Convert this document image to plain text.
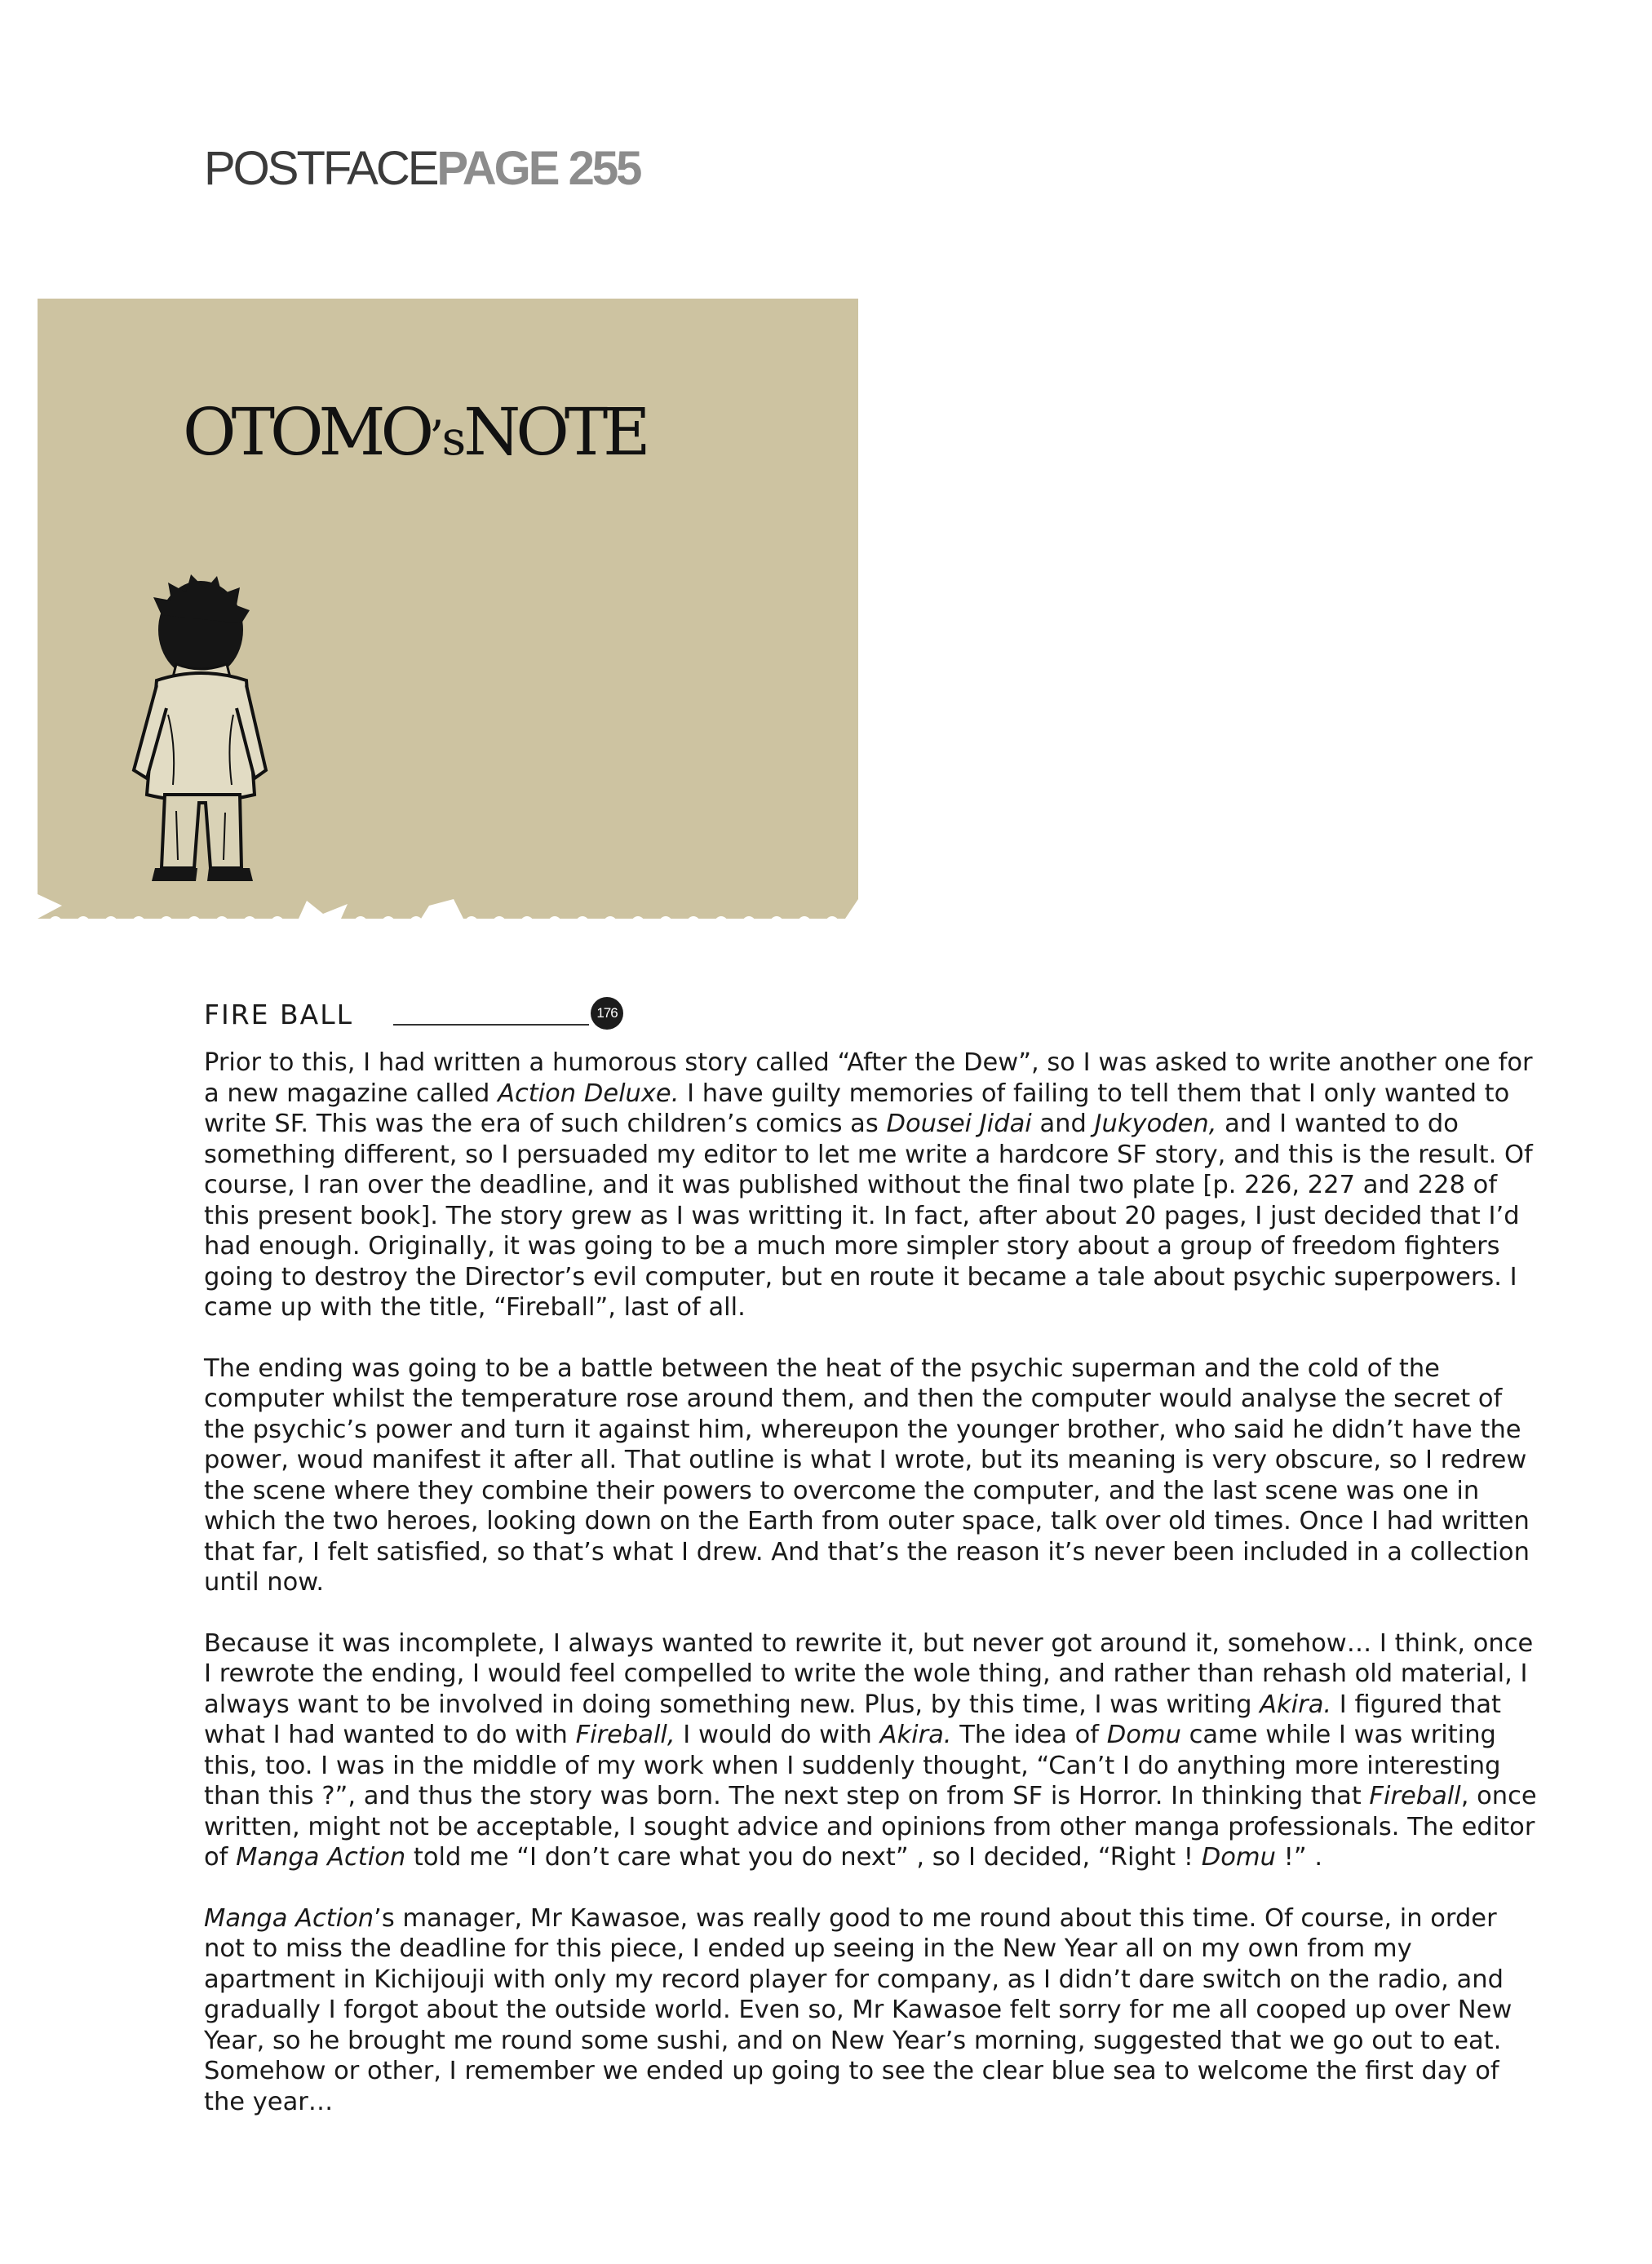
POSTFACEPAGE 255
OTOMO’sNOTE
FIRE BALL	176

Prior to this, I had written a humorous story called “After the Dew”, so I was asked to write another one for a new magazine called Action Deluxe. I have guilty memories of failing to tell them that I only wanted to write SF. This was the era of such children’s comics as Dousei Jidai and Jukyoden, and I wanted to do something different, so I persuaded my editor to let me write a hardcore SF story, and this is the result. Of course, I ran over the deadline, and it was published without the final two plate [p. 226, 227 and 228 of this present book]. The story grew as I was writting it. In fact, after about 20 pages, I just decided that I’d had enough. Originally, it was going to be a much more simpler story about a group of freedom fighters going to destroy the Director’s evil computer, but en route it became a tale about psychic superpowers. I came up with the title, “Fireball”, last of all.

The ending was going to be a battle between the heat of the psychic superman and the cold of the computer whilst the temperature rose around them, and then the computer would analyse the secret of the psychic’s power and turn it against him, whereupon the younger brother, who said he didn’t have the power, woud manifest it after all. That outline is what I wrote, but its meaning is very obscure, so I redrew the scene where they combine their powers to overcome the computer, and the last scene was one in which the two heroes, looking down on the Earth from outer space, talk over old times. Once I had written that far, I felt satisfied, so that’s what I drew. And that’s the reason it’s never been included in a collection until now.

Because it was incomplete, I always wanted to rewrite it, but never got around it, somehow… I think, once I rewrote the ending, I would feel compelled to write the wole thing, and rather than rehash old material, I always want to be involved in doing something new. Plus, by this time, I was writing Akira. I figured that what I had wanted to do with Fireball, I would do with Akira. The idea of Domu came while I was writing this, too. I was in the middle of my work when I suddenly thought, “Can’t I do anything more interesting than this ?”, and thus the story was born. The next step on from SF is Horror. In thinking that Fireball, once written, might not be acceptable, I sought advice and opinions from other manga professionals. The editor of Manga Action told me “I don’t care what you do next” , so I decided, “Right ! Domu !” .

Manga Action’s manager, Mr Kawasoe, was really good to me round about this time. Of course, in order not to miss the deadline for this piece, I ended up seeing in the New Year all on my own from my apartment in Kichijouji with only my record player for company, as I didn’t dare switch on the radio, and gradually I forgot about the outside world. Even so, Mr Kawasoe felt sorry for me all cooped up over New Year, so he brought me round some sushi, and on New Year’s morning, suggested that we go out to eat. Somehow or other, I remember we ended up going to see the clear blue sea to welcome the first day of the year…
